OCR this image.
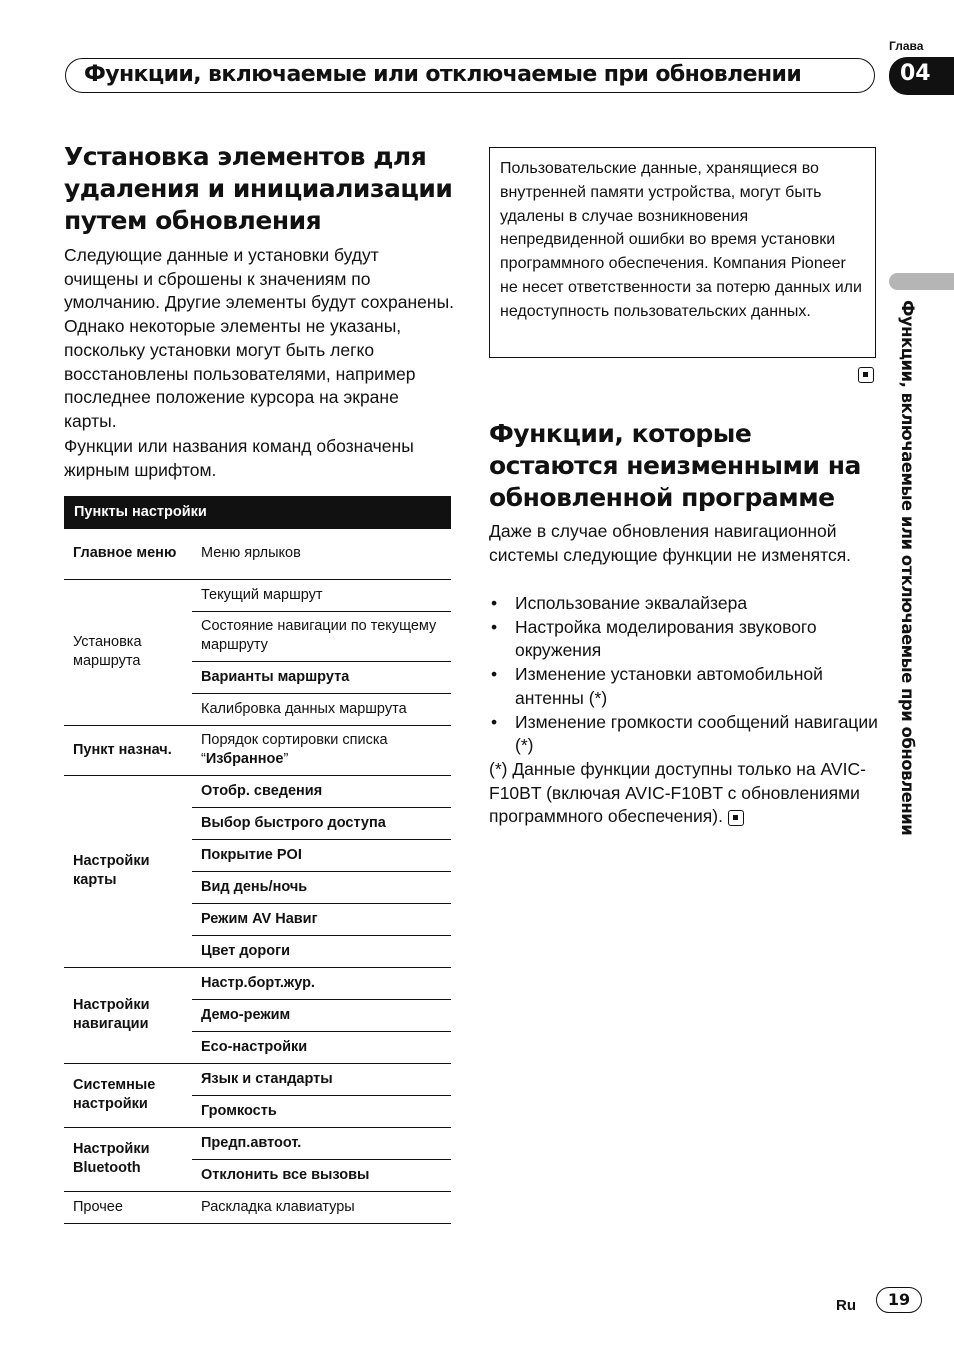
Глава
Функции, включаемые или отключаемые при обновлении	04
Функции, включаемые или отключаемые при обновлении
Установка элементов для удаления и инициализации путем обновления

Следующие данные и установки будут очищены и сброшены к значениям по умолчанию. Другие элементы будут сохранены. Однако некоторые элементы не указаны, поскольку установки могут быть легко восстановлены пользователями, например последнее положение курсора на экране карты.

Функции или названия команд обозначены жирным шрифтом.

Пункты настройки	
Главное меню	Меню ярлыков
Установка маршрута	Текущий маршрут
	Состояние навигации по текущему маршруту
	Варианты маршрута
	Калибровка данных маршрута
Пункт назнач.	Порядок сортировки списка “Избранное”
Настройки карты	Отобр. сведения
	Выбор быстрого доступа
	Покрытие POI
	Вид день/ночь
	Режим AV Навиг
	Цвет дороги
Настройки навигации	Настр.борт.жур.
	Демо-режим
	Eco-настройки
Системные настройки	Язык и стандарты
	Громкость
Настройки Bluetooth	Предп.автоот.
	Отклонить все вызовы
Прочее	Раскладка клавиатуры

Пользовательские данные, хранящиеся во внутренней памяти устройства, могут быть удалены в случае возникновения непредвиденной ошибки во время установки программного обеспечения. Компания Pioneer не несет ответственности за потерю данных или недоступность пользовательских данных.

Функции, которые остаются неизменными на обновленной программе

Даже в случае обновления навигационной системы следующие функции не изменятся.

• Использование эквалайзера
• Настройка моделирования звукового окружения
• Изменение установки автомобильной антенны (*)
• Изменение громкости сообщений навигации (*)

(*) Данные функции доступны только на AVIC-F10BT (включая AVIC-F10BT с обновлениями программного обеспечения).

Ru	19
